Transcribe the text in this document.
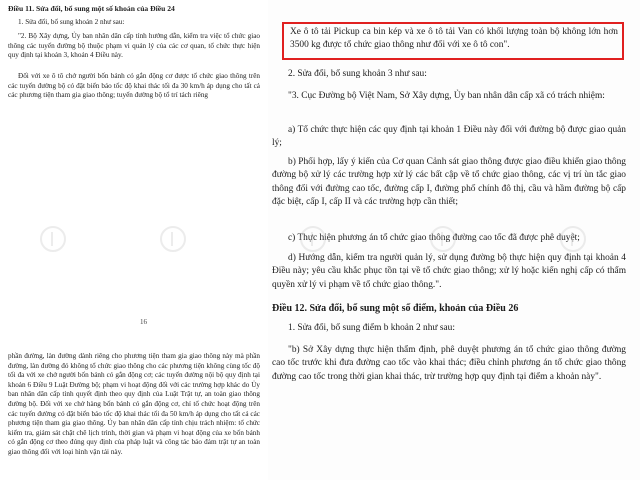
Điều 11. Sửa đổi, bổ sung một số khoản của Điều 24

1. Sửa đổi, bổ sung khoản 2 như sau:

"2. Bộ Xây dựng, Ủy ban nhân dân cấp tỉnh hướng dẫn, kiểm tra việc tổ chức giao thông các tuyến đường bộ thuộc phạm vi quản lý của các cơ quan, tổ chức thực hiện quy định tại khoản 3, khoản 4 Điều này.

Đối với xe ô tô chở người bốn bánh có gắn động cơ được tổ chức giao thông trên các tuyến đường bộ có đặt biển báo tốc độ khai thác tối đa 30 km/h áp dụng cho tất cả các phương tiện tham gia giao thông; tuyến đường bộ tổ trí tách riêng

16

phần đường, làn đường dành riêng cho phương tiện tham gia giao thông này mà phần đường, làn đường đó không tổ chức giao thông cho các phương tiện không cùng tốc độ tối đa với xe chở người bốn bánh có gắn động cơ; các tuyến đường nội bộ quy định tại khoản 6 Điều 9 Luật Đường bộ; phạm vi hoạt động đối với các trường hợp khác do Ủy ban nhân dân cấp tỉnh quyết định theo quy định của Luật Trật tự, an toàn giao thông đường bộ. Đối với xe chở hàng bốn bánh có gắn động cơ, chỉ tổ chức hoạt động trên các tuyến đường có đặt biển báo tốc độ khai thác tối đa 50 km/h áp dụng cho tất cả các phương tiện tham gia giao thông. Ủy ban nhân dân cấp tỉnh chịu trách nhiệm: tổ chức kiểm tra, giám sát chặt chẽ lịch trình, thời gian và phạm vi hoạt động của xe bốn bánh có gắn động cơ theo đúng quy định của pháp luật và công tác bảo đảm trật tự an toàn giao thông đối với loại hình vận tải này.

Xe ô tô tải Pickup ca bin kép và xe ô tô tải Van có khối lượng toàn bộ không lớn hơn 3500 kg được tổ chức giao thông như đối với xe ô tô con".

2. Sửa đổi, bổ sung khoản 3 như sau:

"3. Cục Đường bộ Việt Nam, Sở Xây dựng, Ủy ban nhân dân cấp xã có trách nhiệm:

a) Tổ chức thực hiện các quy định tại khoản 1 Điều này đối với đường bộ được giao quản lý;

b) Phối hợp, lấy ý kiến của Cơ quan Cảnh sát giao thông được giao điều khiển giao thông đường bộ xử lý các trường hợp xử lý các bất cập về tổ chức giao thông, các vị trí ùn tắc giao thông đối với đường cao tốc, đường cấp I, đường phố chính đô thị, cầu và hầm đường bộ cấp đặc biệt, cấp I, cấp II và các trường hợp cần thiết;

c) Thực hiện phương án tổ chức giao thông đường cao tốc đã được phê duyệt;

d) Hướng dẫn, kiểm tra người quản lý, sử dụng đường bộ thực hiện quy định tại khoản 4 Điều này; yêu cầu khắc phục tồn tại về tổ chức giao thông; xử lý hoặc kiến nghị cấp có thẩm quyền xử lý vi phạm về tổ chức giao thông.".

Điều 12. Sửa đổi, bổ sung một số điểm, khoản của Điều 26

1. Sửa đổi, bổ sung điểm b khoản 2 như sau:

"b) Sở Xây dựng thực hiện thẩm định, phê duyệt phương án tổ chức giao thông đường cao tốc trước khi đưa đường cao tốc vào khai thác; điều chỉnh phương án tổ chức giao thông đường cao tốc trong thời gian khai thác, trừ trường hợp quy định tại điểm a khoản này".
